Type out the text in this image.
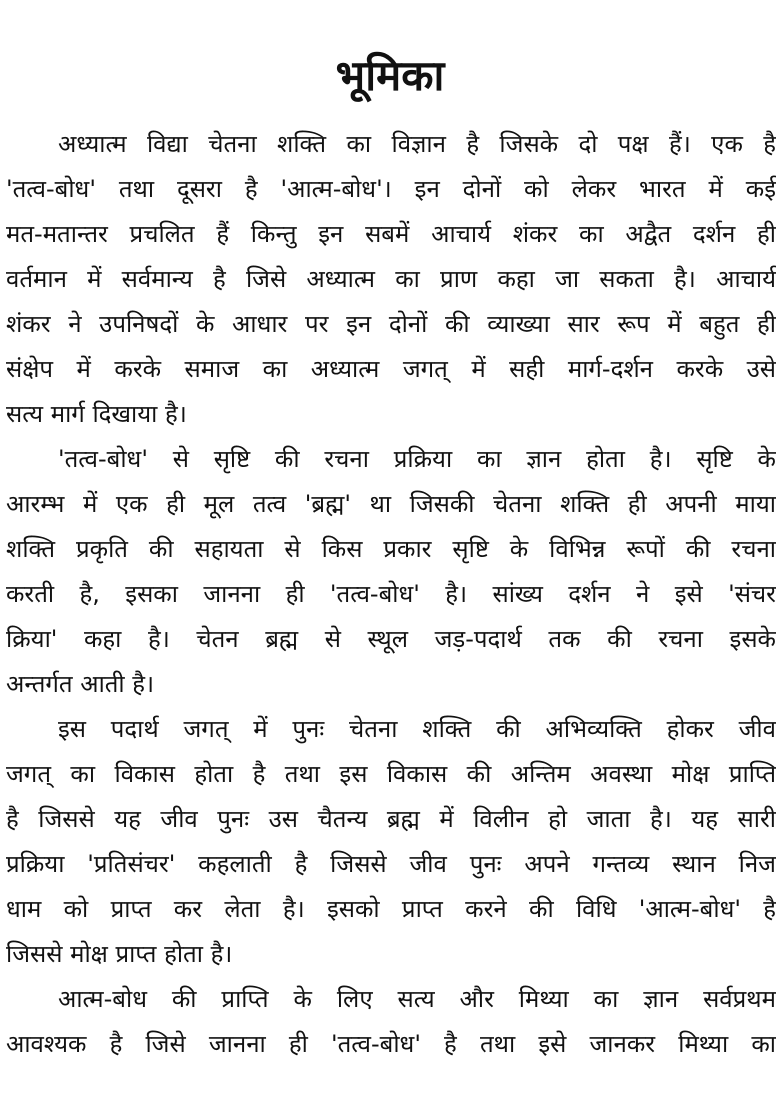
भूमिका
अध्यात्म विद्या चेतना शक्ति का विज्ञान है जिसके दो पक्ष हैं। एक है
'तत्व-बोध' तथा दूसरा है 'आत्म-बोध'। इन दोनों को लेकर भारत में कई
मत-मतान्तर प्रचलित हैं किन्तु इन सबमें आचार्य शंकर का अद्वैत दर्शन ही
वर्तमान में सर्वमान्य है जिसे अध्यात्म का प्राण कहा जा सकता है। आचार्य
शंकर ने उपनिषदों के आधार पर इन दोनों की व्याख्या सार रूप में बहुत ही
संक्षेप में करके समाज का अध्यात्म जगत् में सही मार्ग-दर्शन करके उसे
सत्य मार्ग दिखाया है।
'तत्व-बोध' से सृष्टि की रचना प्रक्रिया का ज्ञान होता है। सृष्टि के
आरम्भ में एक ही मूल तत्व 'ब्रह्म' था जिसकी चेतना शक्ति ही अपनी माया
शक्ति प्रकृति की सहायता से किस प्रकार सृष्टि के विभिन्न रूपों की रचना
करती है, इसका जानना ही 'तत्व-बोध' है। सांख्य दर्शन ने इसे 'संचर
क्रिया' कहा है। चेतन ब्रह्म से स्थूल जड़-पदार्थ तक की रचना इसके
अन्तर्गत आती है।
इस पदार्थ जगत् में पुनः चेतना शक्ति की अभिव्यक्ति होकर जीव
जगत् का विकास होता है तथा इस विकास की अन्तिम अवस्था मोक्ष प्राप्ति
है जिससे यह जीव पुनः उस चैतन्य ब्रह्म में विलीन हो जाता है। यह सारी
प्रक्रिया 'प्रतिसंचर' कहलाती है जिससे जीव पुनः अपने गन्तव्य स्थान निज
धाम को प्राप्त कर लेता है। इसको प्राप्त करने की विधि 'आत्म-बोध' है
जिससे मोक्ष प्राप्त होता है।
आत्म-बोध की प्राप्ति के लिए सत्य और मिथ्या का ज्ञान सर्वप्रथम
आवश्यक है जिसे जानना ही 'तत्व-बोध' है तथा इसे जानकर मिथ्या का
